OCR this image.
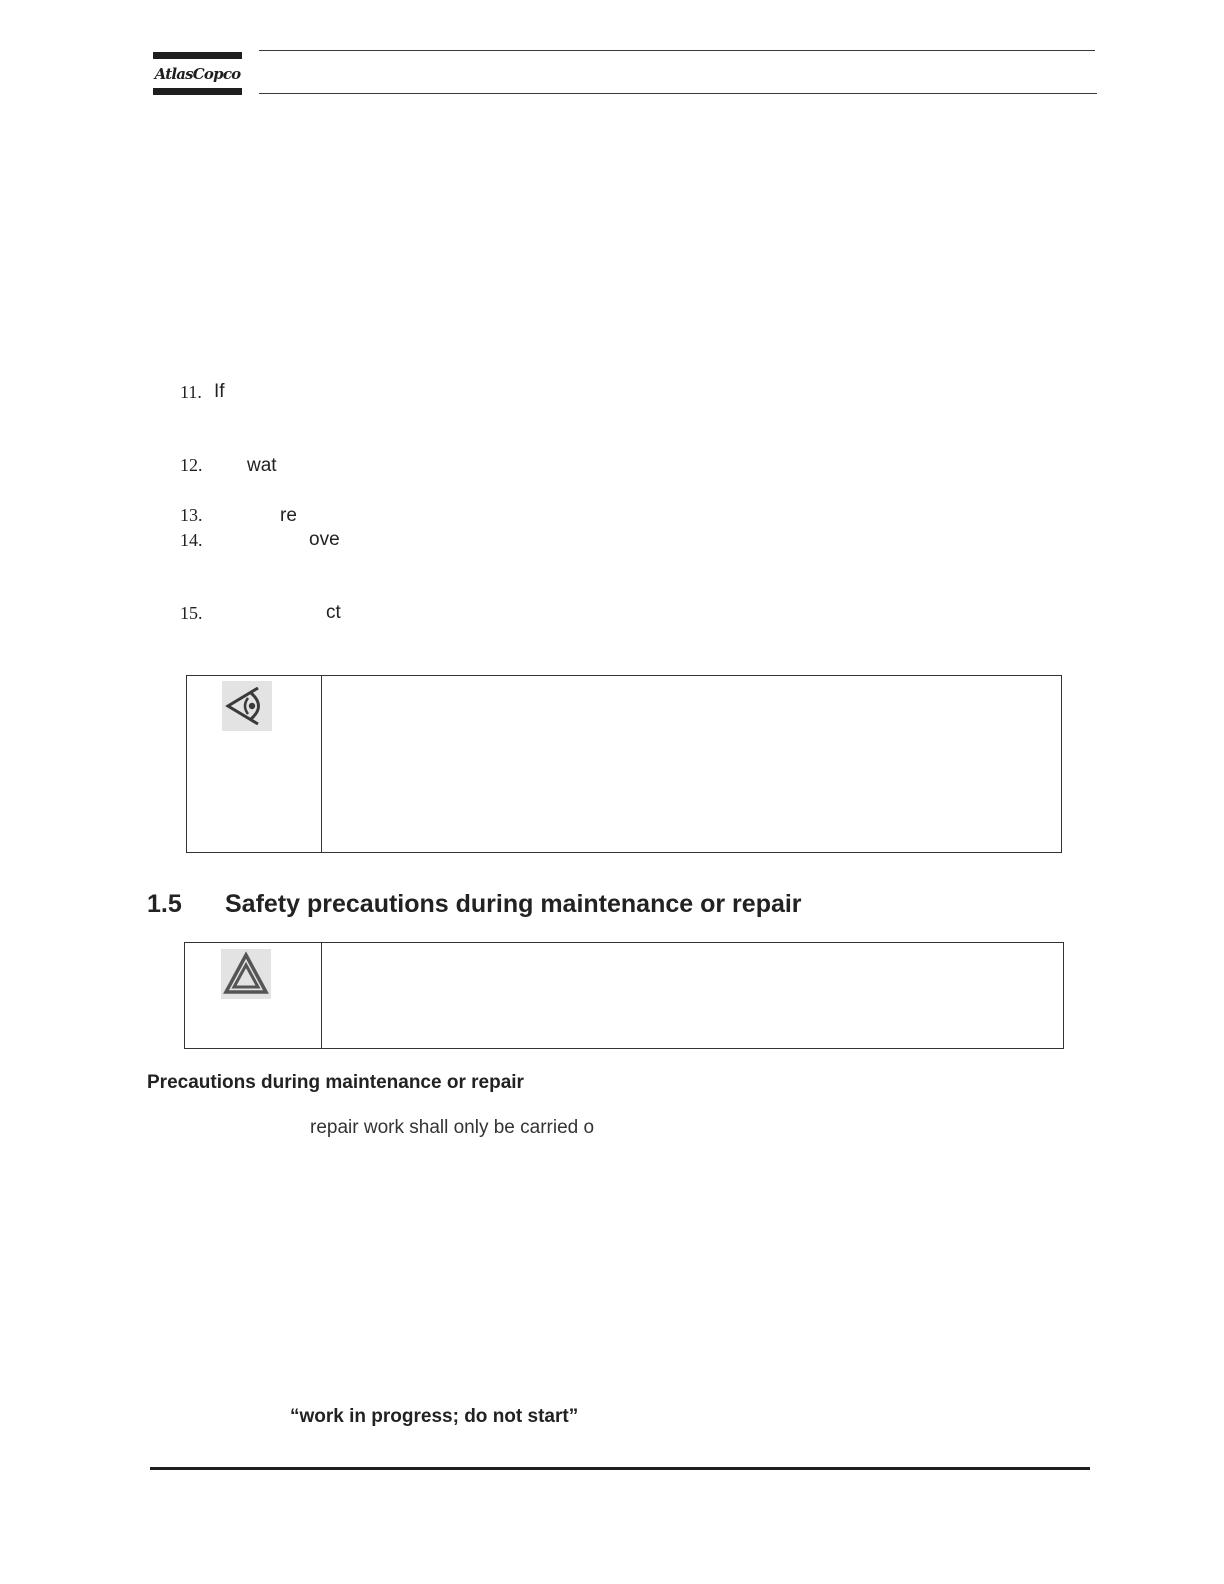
AtlasCopco
11. If
12. wat
13.	re
14.	ove
15.	ct
1.5 Safety precautions during maintenance or repair
Precautions during maintenance or repair
repair work shall only be carried o
“work in progress; do not start”
